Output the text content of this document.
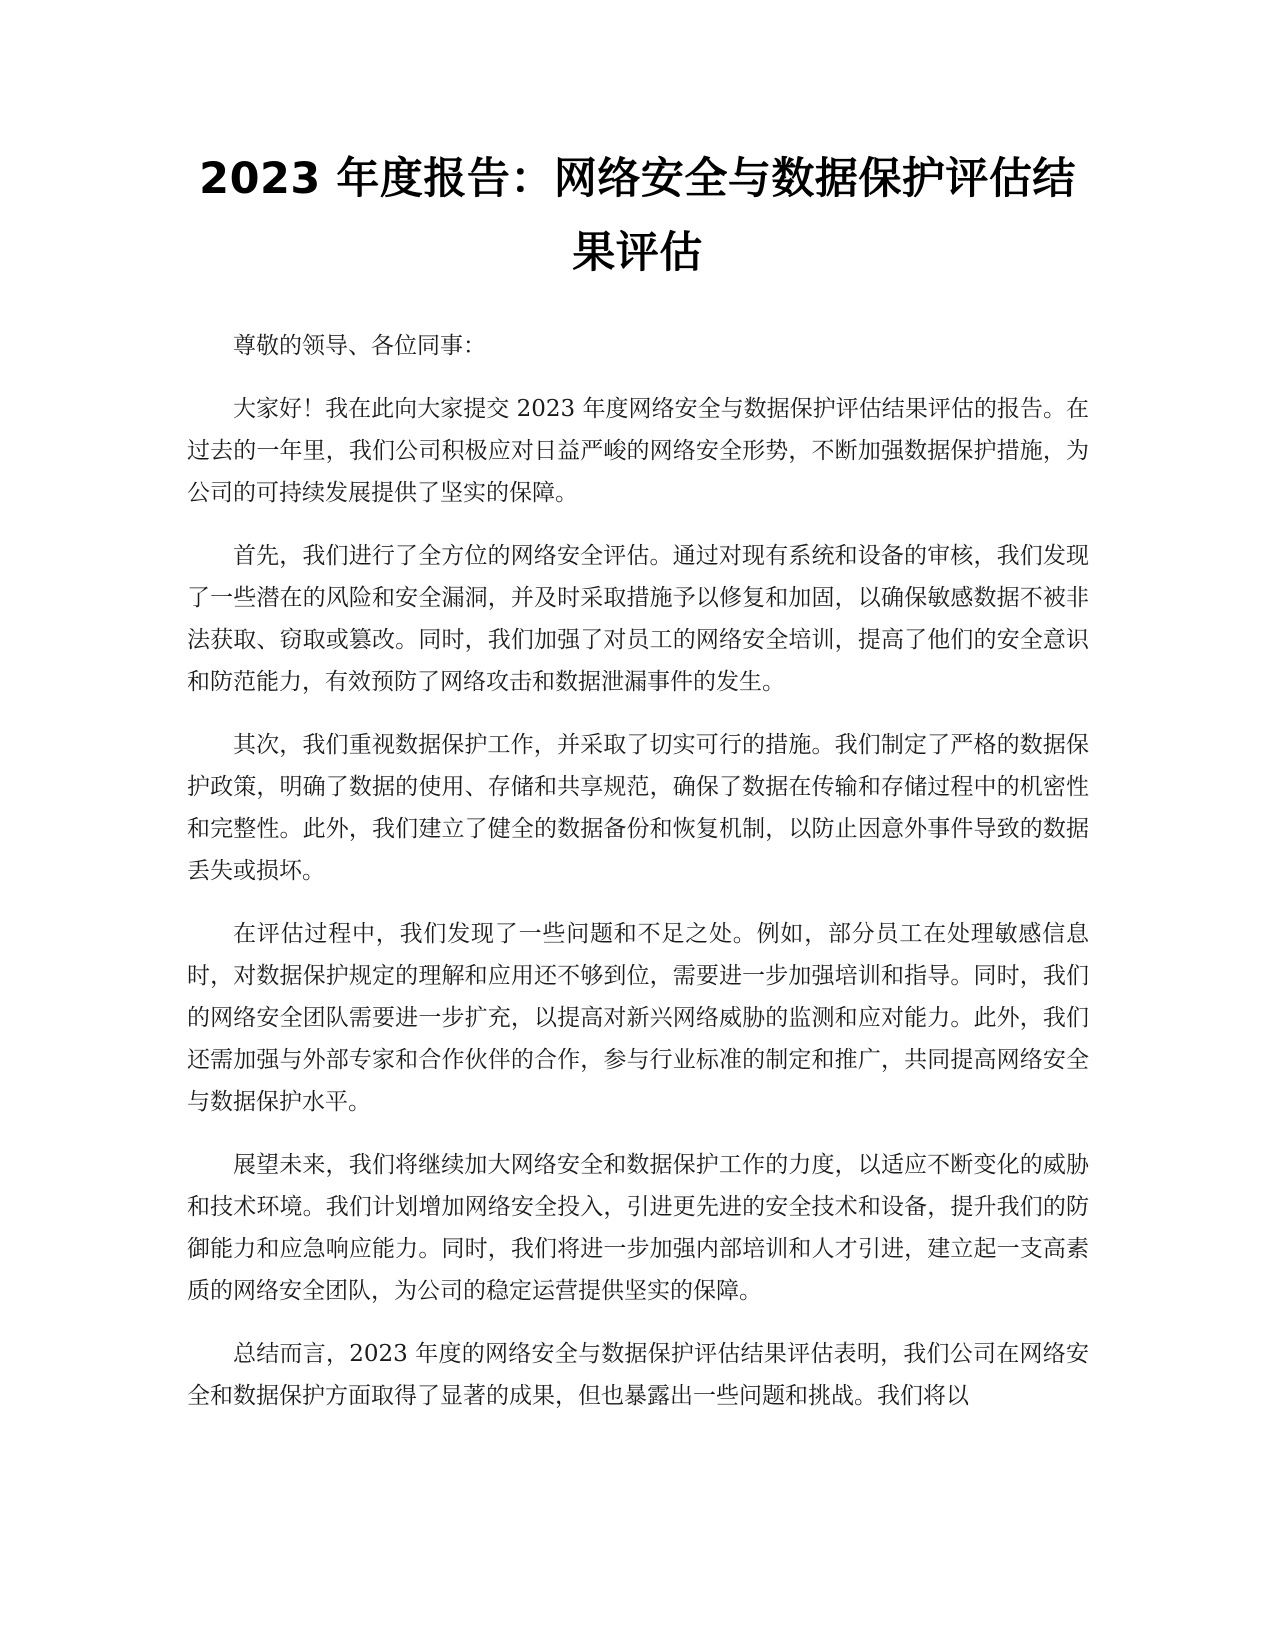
2023 年度报告：网络安全与数据保护评估结果评估

尊敬的领导、各位同事：

大家好！我在此向大家提交 2023 年度网络安全与数据保护评估结果评估的报告。在过去的一年里，我们公司积极应对日益严峻的网络安全形势，不断加强数据保护措施，为公司的可持续发展提供了坚实的保障。

首先，我们进行了全方位的网络安全评估。通过对现有系统和设备的审核，我们发现了一些潜在的风险和安全漏洞，并及时采取措施予以修复和加固，以确保敏感数据不被非法获取、窃取或篡改。同时，我们加强了对员工的网络安全培训，提高了他们的安全意识和防范能力，有效预防了网络攻击和数据泄漏事件的发生。

其次，我们重视数据保护工作，并采取了切实可行的措施。我们制定了严格的数据保护政策，明确了数据的使用、存储和共享规范，确保了数据在传输和存储过程中的机密性和完整性。此外，我们建立了健全的数据备份和恢复机制，以防止因意外事件导致的数据丢失或损坏。

在评估过程中，我们发现了一些问题和不足之处。例如，部分员工在处理敏感信息时，对数据保护规定的理解和应用还不够到位，需要进一步加强培训和指导。同时，我们的网络安全团队需要进一步扩充，以提高对新兴网络威胁的监测和应对能力。此外，我们还需加强与外部专家和合作伙伴的合作，参与行业标准的制定和推广，共同提高网络安全与数据保护水平。

展望未来，我们将继续加大网络安全和数据保护工作的力度，以适应不断变化的威胁和技术环境。我们计划增加网络安全投入，引进更先进的安全技术和设备，提升我们的防御能力和应急响应能力。同时，我们将进一步加强内部培训和人才引进，建立起一支高素质的网络安全团队，为公司的稳定运营提供坚实的保障。

总结而言，2023 年度的网络安全与数据保护评估结果评估表明，我们公司在网络安全和数据保护方面取得了显著的成果，但也暴露出一些问题和挑战。我们将以
